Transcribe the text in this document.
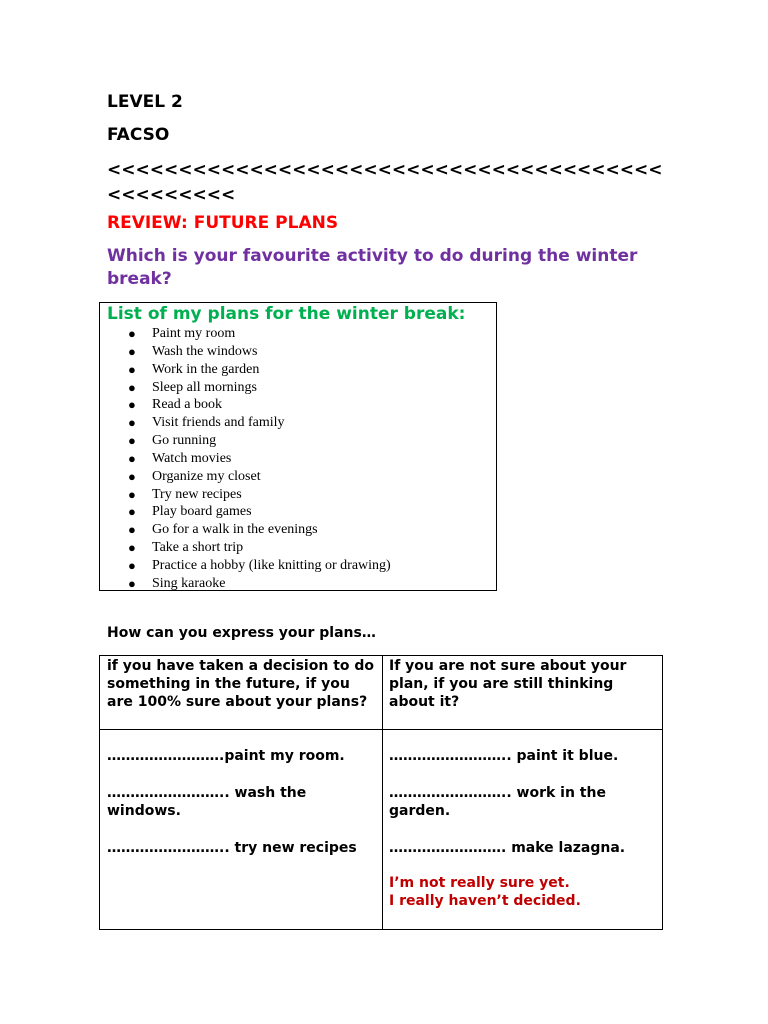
LEVEL 2
FACSO
<<<<<<<<<<<<<<<<<<<<<<<<<<<<<<<<<<<<<<<<<<<<<<<<
REVIEW: FUTURE PLANS
Which is your favourite activity to do during the winter break?
List of my plans for the winter break:
● Paint my room
● Wash the windows
● Work in the garden
● Sleep all mornings
● Read a book
● Visit friends and family
● Go running
● Watch movies
● Organize my closet
● Try new recipes
● Play board games
● Go for a walk in the evenings
● Take a short trip
● Practice a hobby (like knitting or drawing)
● Sing karaoke
How can you express your plans…
if you have taken a decision to do something in the future, if you are 100% sure about your plans?
If you are not sure about your plan, if you are still thinking about it?

…………………….paint my room.

…………………….. wash the windows.

…………………….. try new recipes

…………………….. paint it blue.

…………………….. work in the garden.

……………………. make lazagna.

I’m not really sure yet.
I really haven’t decided.
